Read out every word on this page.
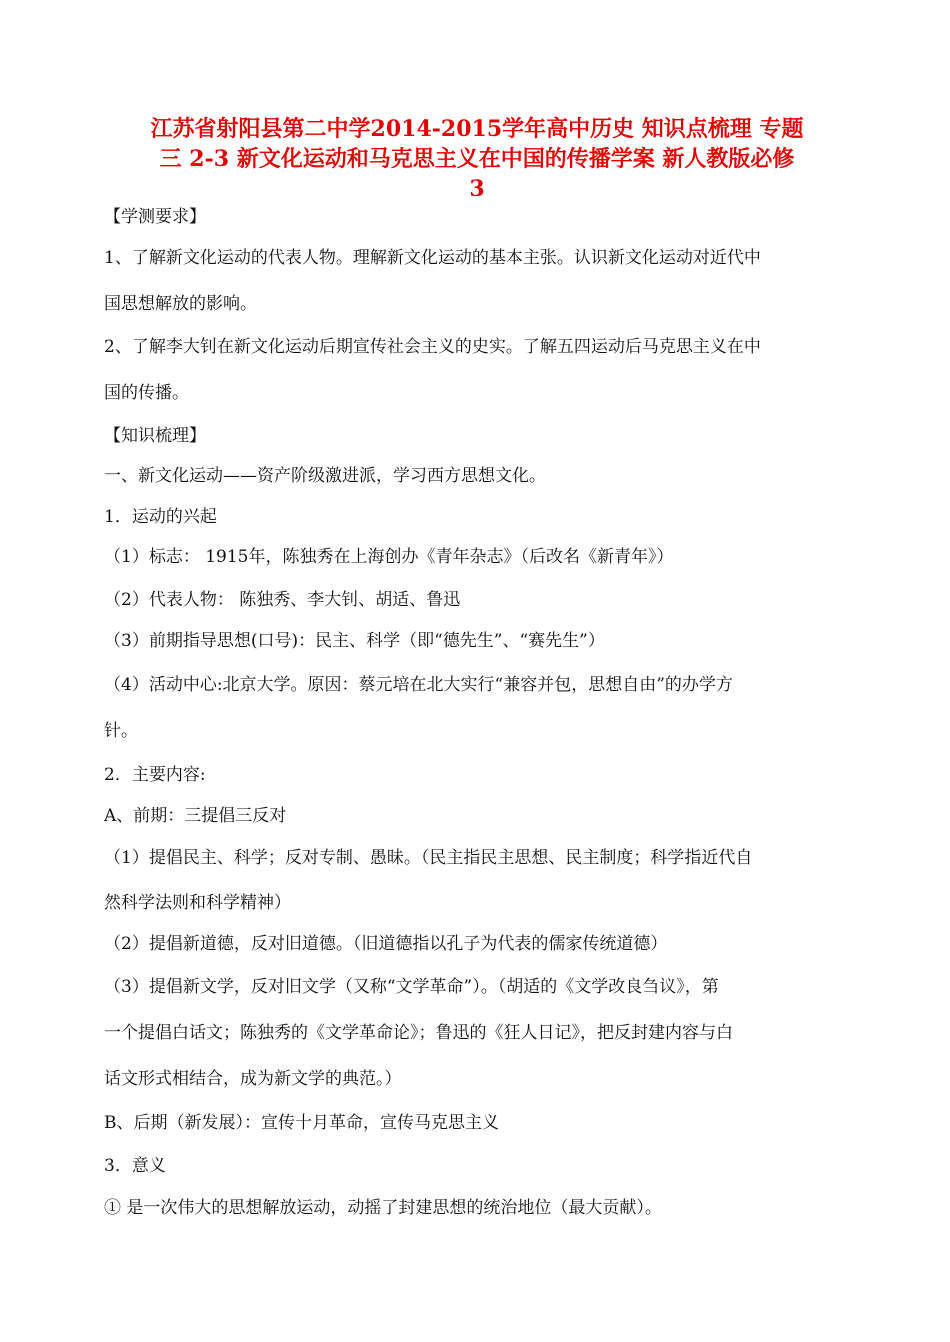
江苏省射阳县第二中学2014-2015学年高中历史 知识点梳理 专题
三 2-3 新文化运动和马克思主义在中国的传播学案 新人教版必修
3

【学测要求】

1、了解新文化运动的代表人物。理解新文化运动的基本主张。认识新文化运动对近代中

国思想解放的影响。

2、了解李大钊在新文化运动后期宣传社会主义的史实。了解五四运动后马克思主义在中

国的传播。

【知识梳理】

一、新文化运动——资产阶级激进派，学习西方思想文化。

1．运动的兴起

（1）标志： 1915年，陈独秀在上海创办《青年杂志》（后改名《新青年》）

（2）代表人物： 陈独秀、李大钊、胡适、鲁迅

（3）前期指导思想(口号)：民主、科学（即“德先生”、“赛先生”）

（4）活动中心:北京大学。原因：蔡元培在北大实行“兼容并包，思想自由”的办学方

针。

2．主要内容:

A、前期：三提倡三反对

（1）提倡民主、科学；反对专制、愚昧。（民主指民主思想、民主制度；科学指近代自

然科学法则和科学精神）

（2）提倡新道德，反对旧道德。（旧道德指以孔子为代表的儒家传统道德）

（3）提倡新文学，反对旧文学（又称“文学革命”）。（胡适的《文学改良刍议》，第

一个提倡白话文；陈独秀的《文学革命论》；鲁迅的《狂人日记》，把反封建内容与白

话文形式相结合，成为新文学的典范。）

B、后期（新发展）：宣传十月革命，宣传马克思主义

3．意义

① 是一次伟大的思想解放运动，动摇了封建思想的统治地位（最大贡献）。
